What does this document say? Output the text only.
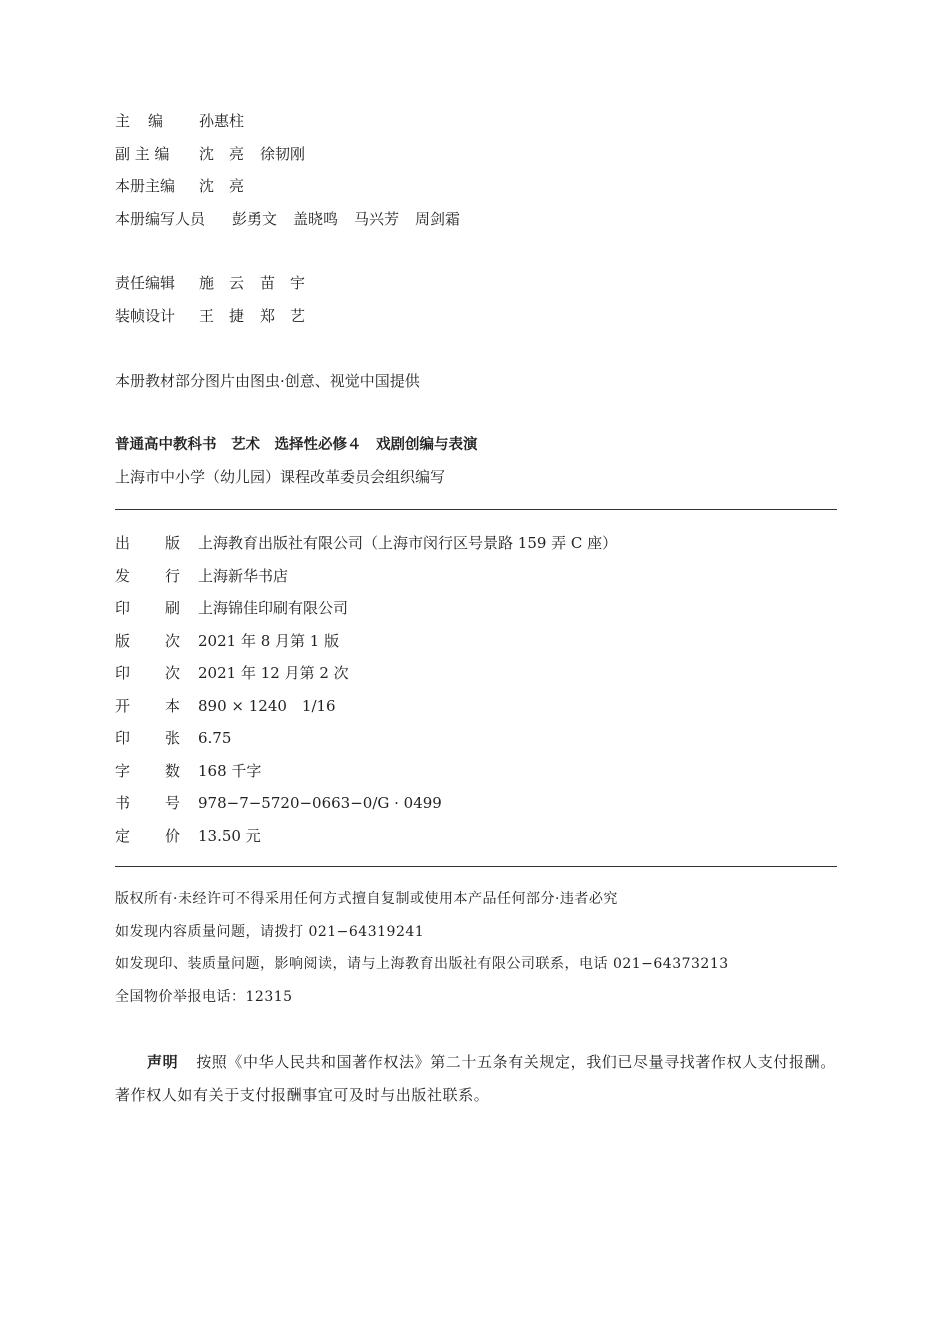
主 编 孙惠柱
副 主 编	沈　亮 徐韧刚
本册主编	沈　亮
本册编写人员	彭勇文 盖晓鸣 马兴芳 周剑霜
责任编辑	施　云 苗　宇
装帧设计	王　捷 郑　艺
本册教材部分图片由图虫·创意、视觉中国提供
普通高中教科书　艺术　选择性必修４　戏剧创编与表演
上海市中小学（幼儿园）课程改革委员会组织编写
出	版	上海教育出版社有限公司（上海市闵行区号景路 159 弄 C 座）
发	行	上海新华书店
印	刷	上海锦佳印刷有限公司
版	次	2021 年 8 月第 1 版
印	次	2021 年 12 月第 2 次
开	本	890 × 1240　1/16
印	张	6.75
字	数	168 千字
书	号	978−7−5720−0663−0/G · 0499
定	价	13.50 元
版权所有·未经许可不得采用任何方式擅自复制或使用本产品任何部分·违者必究
如发现内容质量问题，请拨打 021−64319241
如发现印、装质量问题，影响阅读，请与上海教育出版社有限公司联系，电话 021−64373213
全国物价举报电话：12315
声明 按照《中华人民共和国著作权法》第二十五条有关规定，我们已尽量寻找著作权人支付报酬。著作权人如有关于支付报酬事宜可及时与出版社联系。
